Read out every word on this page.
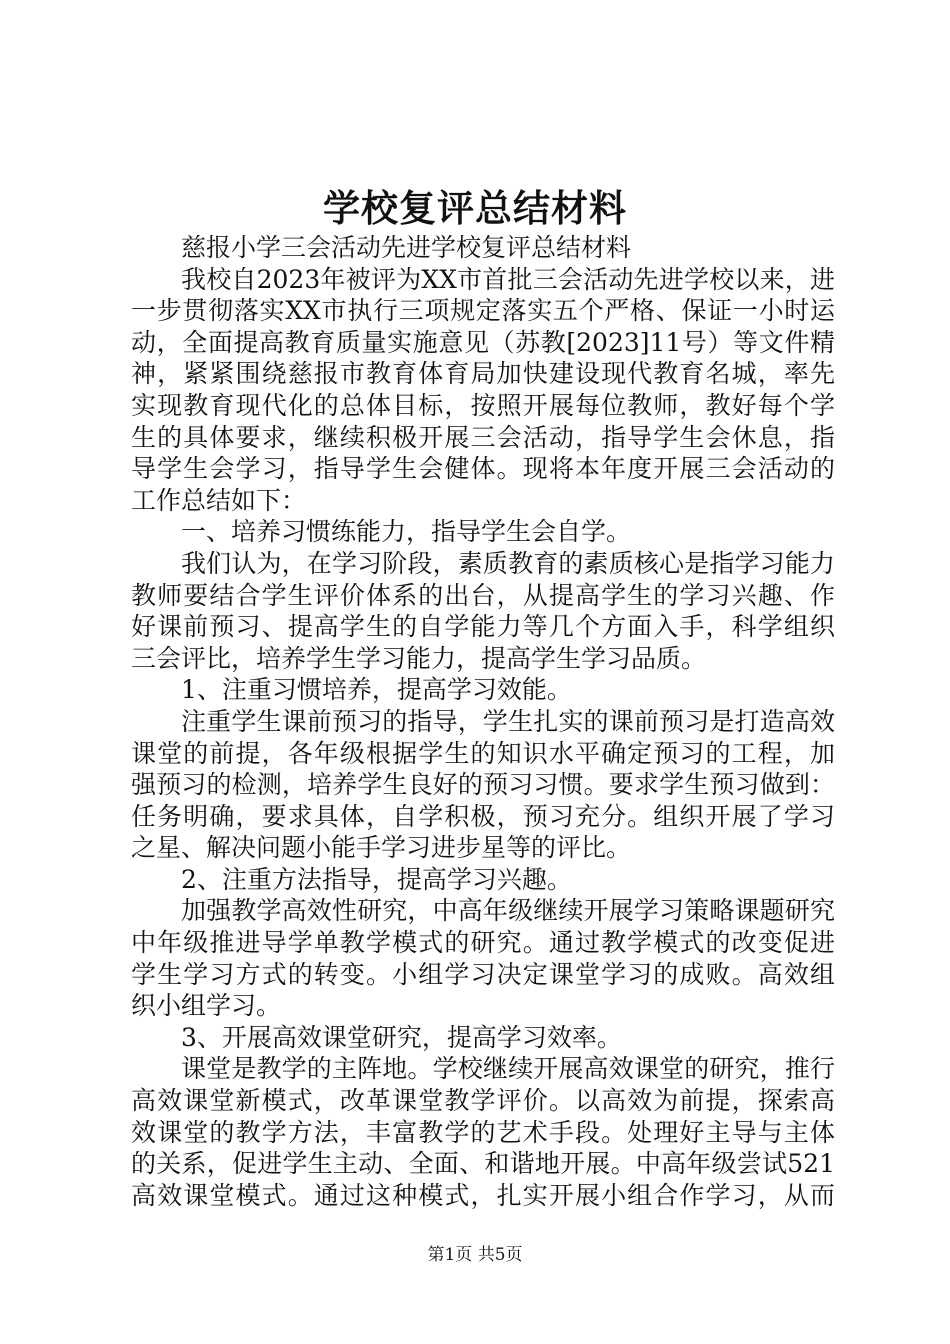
学校复评总结材料
慈报小学三会活动先进学校复评总结材料
我校自2023年被评为XX市首批三会活动先进学校以来，进
一步贯彻落实XX市执行三项规定落实五个严格、保证一小时运
动，全面提高教育质量实施意见（苏教[2023]11号）等文件精
神，紧紧围绕慈报市教育体育局加快建设现代教育名城，率先
实现教育现代化的总体目标，按照开展每位教师，教好每个学
生的具体要求，继续积极开展三会活动，指导学生会休息，指
导学生会学习，指导学生会健体。现将本年度开展三会活动的
工作总结如下：
一、培养习惯练能力，指导学生会自学。
我们认为，在学习阶段，素质教育的素质核心是指学习能力
教师要结合学生评价体系的出台，从提高学生的学习兴趣、作
好课前预习、提高学生的自学能力等几个方面入手，科学组织
三会评比，培养学生学习能力，提高学生学习品质。
1、注重习惯培养，提高学习效能。
注重学生课前预习的指导，学生扎实的课前预习是打造高效
课堂的前提，各年级根据学生的知识水平确定预习的工程，加
强预习的检测，培养学生良好的预习习惯。要求学生预习做到：
任务明确，要求具体，自学积极，预习充分。组织开展了学习
之星、解决问题小能手学习进步星等的评比。
2、注重方法指导，提高学习兴趣。
加强教学高效性研究，中高年级继续开展学习策略课题研究
中年级推进导学单教学模式的研究。通过教学模式的改变促进
学生学习方式的转变。小组学习决定课堂学习的成败。高效组
织小组学习。
3、开展高效课堂研究，提高学习效率。
课堂是教学的主阵地。学校继续开展高效课堂的研究，推行
高效课堂新模式，改革课堂教学评价。以高效为前提，探索高
效课堂的教学方法，丰富教学的艺术手段。处理好主导与主体
的关系，促进学生主动、全面、和谐地开展。中高年级尝试521
高效课堂模式。通过这种模式，扎实开展小组合作学习，从而
第1页 共5页
